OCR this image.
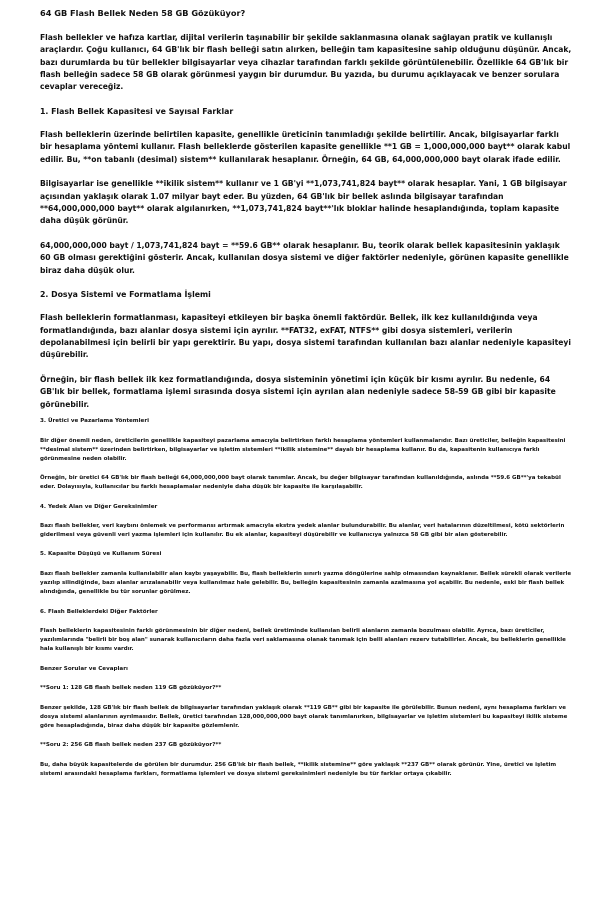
64 GB Flash Bellek Neden 58 GB Gözüküyor?

Flash bellekler ve hafıza kartlar, dijital verilerin taşınabilir bir şekilde saklanmasına olanak sağlayan pratik ve kullanışlı araçlardır. Çoğu kullanıcı, 64 GB'lık bir flash belleği satın alırken, belleğin tam kapasitesine sahip olduğunu düşünür. Ancak, bazı durumlarda bu tür bellekler bilgisayarlar veya cihazlar tarafından farklı şekilde görüntülenebilir. Özellikle 64 GB'lık bir flash belleğin sadece 58 GB olarak görünmesi yaygın bir durumdur. Bu yazıda, bu durumu açıklayacak ve benzer sorulara cevaplar vereceğiz.

1. Flash Bellek Kapasitesi ve Sayısal Farklar

Flash belleklerin üzerinde belirtilen kapasite, genellikle üreticinin tanımladığı şekilde belirtilir. Ancak, bilgisayarlar farklı bir hesaplama yöntemi kullanır. Flash belleklerde gösterilen kapasite genellikle **1 GB = 1,000,000,000 bayt** olarak kabul edilir. Bu, **on tabanlı (desimal) sistem** kullanılarak hesaplanır. Örneğin, 64 GB, 64,000,000,000 bayt olarak ifade edilir.

Bilgisayarlar ise genellikle **ikilik sistem** kullanır ve 1 GB'yi **1,073,741,824 bayt** olarak hesaplar. Yani, 1 GB bilgisayar açısından yaklaşık olarak 1.07 milyar bayt eder. Bu yüzden, 64 GB'lık bir bellek aslında bilgisayar tarafından **64,000,000,000 bayt** olarak algılanırken, **1,073,741,824 bayt**'lık bloklar halinde hesaplandığında, toplam kapasite daha düşük görünür.

64,000,000,000 bayt / 1,073,741,824 bayt = **59.6 GB** olarak hesaplanır. Bu, teorik olarak bellek kapasitesinin yaklaşık 60 GB olması gerektiğini gösterir. Ancak, kullanılan dosya sistemi ve diğer faktörler nedeniyle, görünen kapasite genellikle biraz daha düşük olur.

2. Dosya Sistemi ve Formatlama İşlemi

Flash belleklerin formatlanması, kapasiteyi etkileyen bir başka önemli faktördür. Bellek, ilk kez kullanıldığında veya formatlandığında, bazı alanlar dosya sistemi için ayrılır. **FAT32, exFAT, NTFS** gibi dosya sistemleri, verilerin depolanabilmesi için belirli bir yapı gerektirir. Bu yapı, dosya sistemi tarafından kullanılan bazı alanlar nedeniyle kapasiteyi düşürebilir.

Örneğin, bir flash bellek ilk kez formatlandığında, dosya sisteminin yönetimi için küçük bir kısmı ayrılır. Bu nedenle, 64 GB'lık bir bellek, formatlama işlemi sırasında dosya sistemi için ayrılan alan nedeniyle sadece 58-59 GB gibi bir kapasite görünebilir.

3. Üretici ve Pazarlama Yöntemleri

Bir diğer önemli neden, üreticilerin genellikle kapasiteyi pazarlama amacıyla belirtirken farklı hesaplama yöntemleri kullanmalarıdır. Bazı üreticiler, belleğin kapasitesini **desimal sistem** üzerinden belirtirken, bilgisayarlar ve işletim sistemleri **ikilik sistemine** dayalı bir hesaplama kullanır. Bu da, kapasitenin kullanıcıya farklı görünmesine neden olabilir.

Örneğin, bir üretici 64 GB'lık bir flash belleği 64,000,000,000 bayt olarak tanımlar. Ancak, bu değer bilgisayar tarafından kullanıldığında, aslında **59.6 GB**'ya tekabül eder. Dolayısıyla, kullanıcılar bu farklı hesaplamalar nedeniyle daha düşük bir kapasite ile karşılaşabilir.

4. Yedek Alan ve Diğer Gereksinimler

Bazı flash bellekler, veri kaybını önlemek ve performansı artırmak amacıyla ekstra yedek alanlar bulundurabilir. Bu alanlar, veri hatalarının düzeltilmesi, kötü sektörlerin giderilmesi veya güvenli veri yazma işlemleri için kullanılır. Bu ek alanlar, kapasiteyi düşürebilir ve kullanıcıya yalnızca 58 GB gibi bir alan gösterebilir.

5. Kapasite Düşüşü ve Kullanım Süresi

Bazı flash bellekler zamanla kullanılabilir alan kaybı yaşayabilir. Bu, flash belleklerin sınırlı yazma döngülerine sahip olmasından kaynaklanır. Bellek sürekli olarak verilerle yazılıp silindiğinde, bazı alanlar arızalanabilir veya kullanılmaz hale gelebilir. Bu, belleğin kapasitesinin zamanla azalmasına yol açabilir. Bu nedenle, eski bir flash bellek alındığında, genellikle bu tür sorunlar görülmez.

6. Flash Belleklerdeki Diğer Faktörler

Flash belleklerin kapasitesinin farklı görünmesinin bir diğer nedeni, bellek üretiminde kullanılan belirli alanların zamanla bozulması olabilir. Ayrıca, bazı üreticiler, yazılımlarında "belirli bir boş alan" sunarak kullanıcıların daha fazla veri saklamasına olanak tanımak için belli alanları rezerv tutabilirler. Ancak, bu belleklerin genellikle hala kullanışlı bir kısmı vardır.

Benzer Sorular ve Cevapları
**Soru 1: 128 GB flash bellek neden 119 GB gözüküyor?**

Benzer şekilde, 128 GB'lık bir flash bellek de bilgisayarlar tarafından yaklaşık olarak **119 GB** gibi bir kapasite ile görülebilir. Bunun nedeni, aynı hesaplama farkları ve dosya sistemi alanlarının ayrılmasıdır. Bellek, üretici tarafından 128,000,000,000 bayt olarak tanımlanırken, bilgisayarlar ve işletim sistemleri bu kapasiteyi ikilik sisteme göre hesapladığında, biraz daha düşük bir kapasite gözlemlenir.

**Soru 2: 256 GB flash bellek neden 237 GB gözüküyor?**

Bu, daha büyük kapasitelerde de görülen bir durumdur. 256 GB'lık bir flash bellek, **ikilik sistemine** göre yaklaşık **237 GB** olarak görünür. Yine, üretici ve işletim sistemi arasındaki hesaplama farkları, formatlama işlemleri ve dosya sistemi gereksinimleri nedeniyle bu tür farklar ortaya çıkabilir.
